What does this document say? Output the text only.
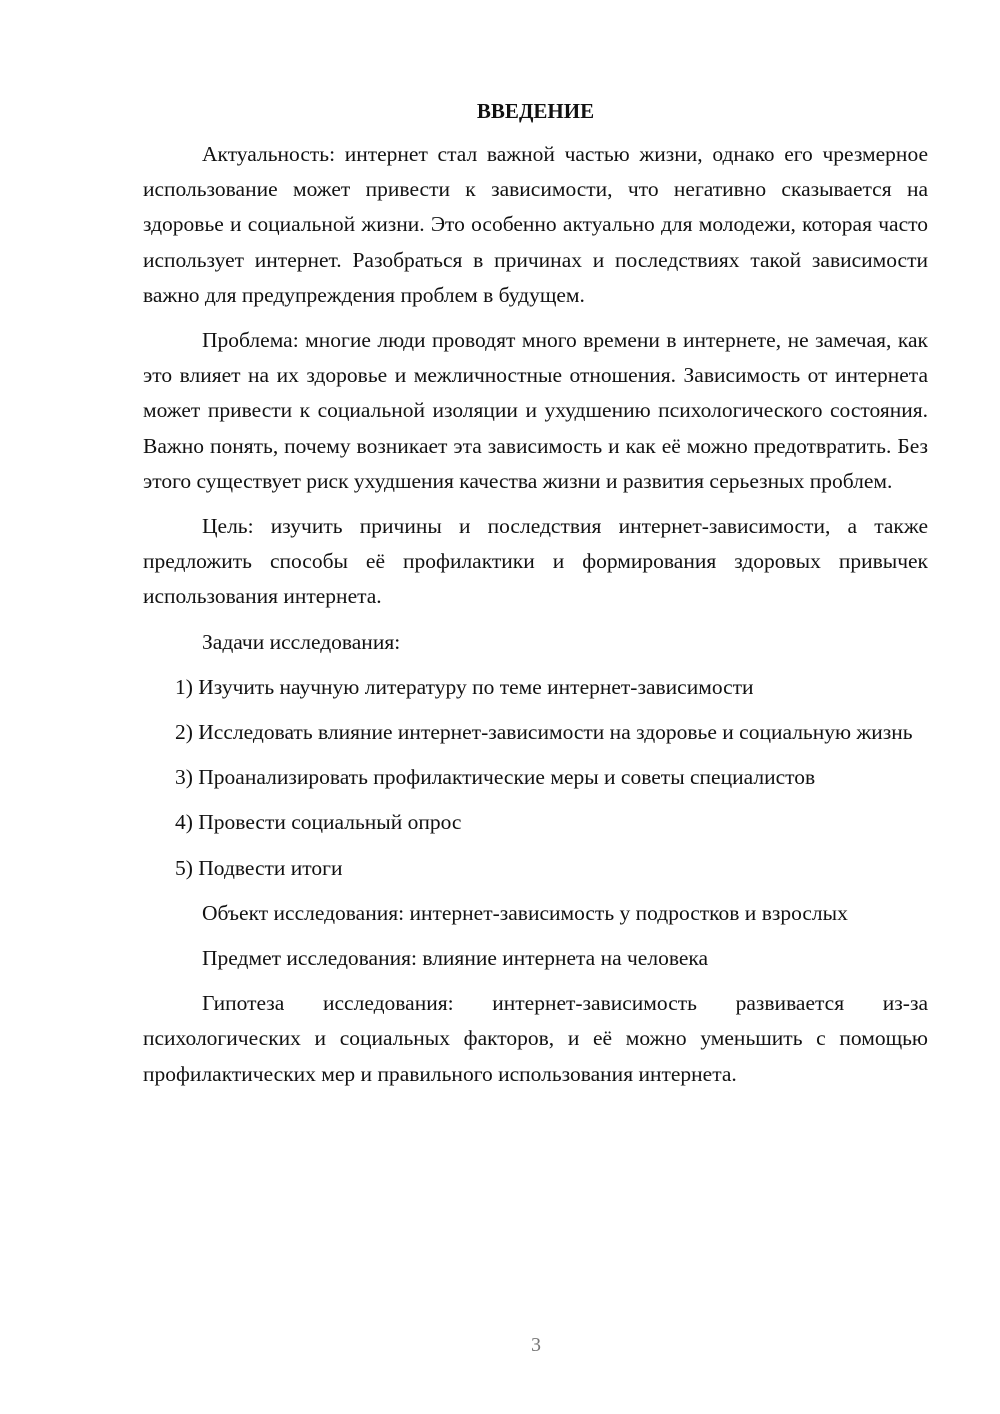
ВВЕДЕНИЕ

Актуальность: интернет стал важной частью жизни, однако его чрезмерное использование может привести к зависимости, что негативно сказывается на здоровье и социальной жизни. Это особенно актуально для молодежи, которая часто использует интернет. Разобраться в причинах и последствиях такой зависимости важно для предупреждения проблем в будущем.

Проблема: многие люди проводят много времени в интернете, не замечая, как это влияет на их здоровье и межличностные отношения. Зависимость от интернета может привести к социальной изоляции и ухудшению психологического состояния. Важно понять, почему возникает эта зависимость и как её можно предотвратить. Без этого существует риск ухудшения качества жизни и развития серьезных проблем.

Цель: изучить причины и последствия интернет-зависимости, а также предложить способы её профилактики и формирования здоровых привычек использования интернета.

Задачи исследования:

1) Изучить научную литературу по теме интернет-зависимости

2) Исследовать влияние интернет-зависимости на здоровье и социальную жизнь

3) Проанализировать профилактические меры и советы специалистов

4) Провести социальный опрос

5) Подвести итоги

Объект исследования: интернет-зависимость у подростков и взрослых

Предмет исследования: влияние интернета на человека

Гипотеза исследования: интернет-зависимость развивается из-за психологических и социальных факторов, и её можно уменьшить с помощью профилактических мер и правильного использования интернета.

3
